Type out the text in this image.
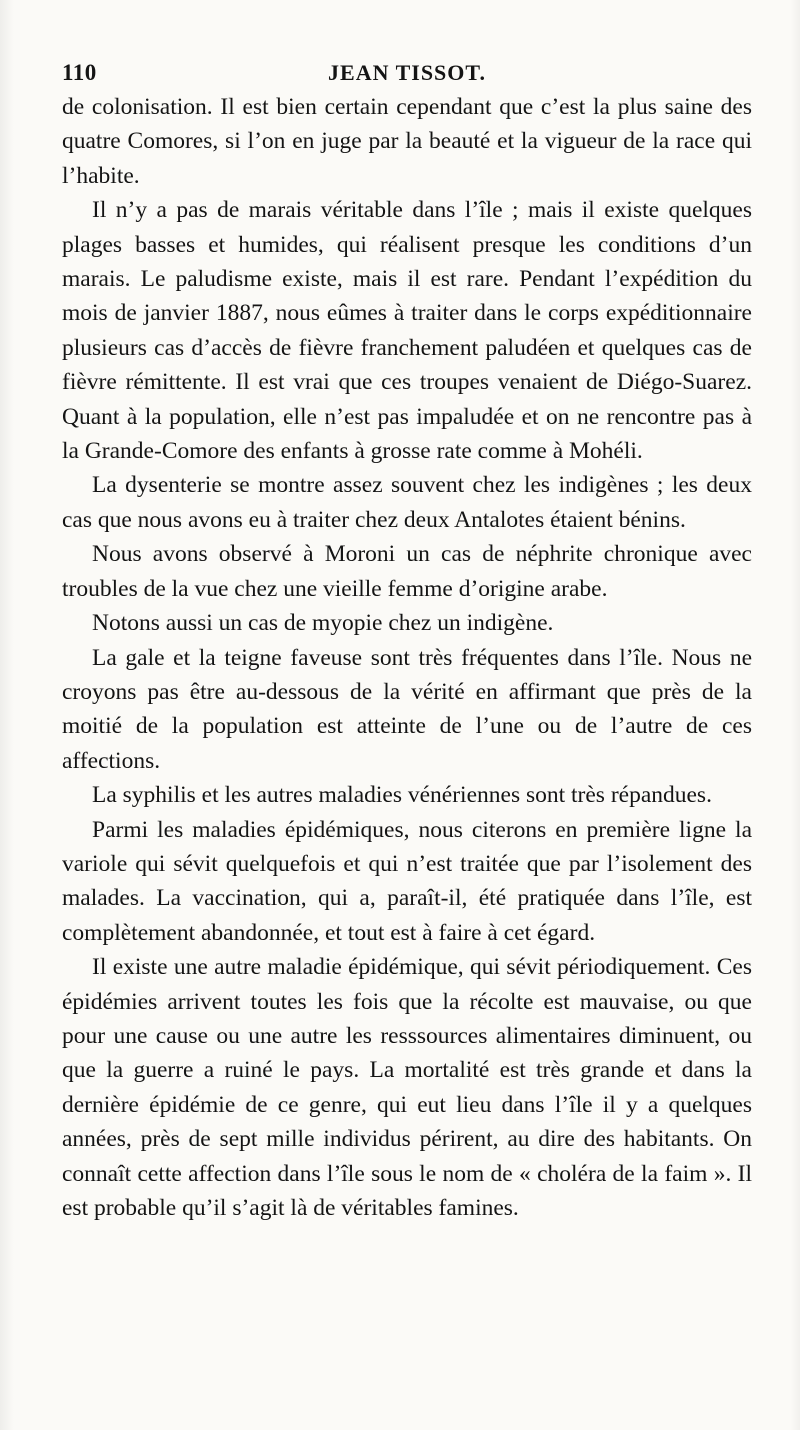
110	JEAN TISSOT.

de colonisation. Il est bien certain cependant que c’est la plus saine des quatre Comores, si l’on en juge par la beauté et la vigueur de la race qui l’habite.

Il n’y a pas de marais véritable dans l’île ; mais il existe quelques plages basses et humides, qui réalisent presque les conditions d’un marais. Le paludisme existe, mais il est rare. Pendant l’expédition du mois de janvier 1887, nous eûmes à traiter dans le corps expéditionnaire plusieurs cas d’accès de fièvre franchement paludéen et quelques cas de fièvre rémittente. Il est vrai que ces troupes venaient de Diégo-Suarez. Quant à la population, elle n’est pas impaludée et on ne rencontre pas à la Grande-Comore des enfants à grosse rate comme à Mohéli.

La dysenterie se montre assez souvent chez les indigènes ; les deux cas que nous avons eu à traiter chez deux Antalotes étaient bénins.

Nous avons observé à Moroni un cas de néphrite chronique avec troubles de la vue chez une vieille femme d’origine arabe.

Notons aussi un cas de myopie chez un indigène.

La gale et la teigne faveuse sont très fréquentes dans l’île. Nous ne croyons pas être au-dessous de la vérité en affirmant que près de la moitié de la population est atteinte de l’une ou de l’autre de ces affections.

La syphilis et les autres maladies vénériennes sont très répandues.

Parmi les maladies épidémiques, nous citerons en première ligne la variole qui sévit quelquefois et qui n’est traitée que par l’isolement des malades. La vaccination, qui a, paraît-il, été pratiquée dans l’île, est complètement abandonnée, et tout est à faire à cet égard.

Il existe une autre maladie épidémique, qui sévit périodiquement. Ces épidémies arrivent toutes les fois que la récolte est mauvaise, ou que pour une cause ou une autre les resssources alimentaires diminuent, ou que la guerre a ruiné le pays. La mortalité est très grande et dans la dernière épidémie de ce genre, qui eut lieu dans l’île il y a quelques années, près de sept mille individus périrent, au dire des habitants. On connaît cette affection dans l’île sous le nom de « choléra de la faim ». Il est probable qu’il s’agit là de véritables famines.
